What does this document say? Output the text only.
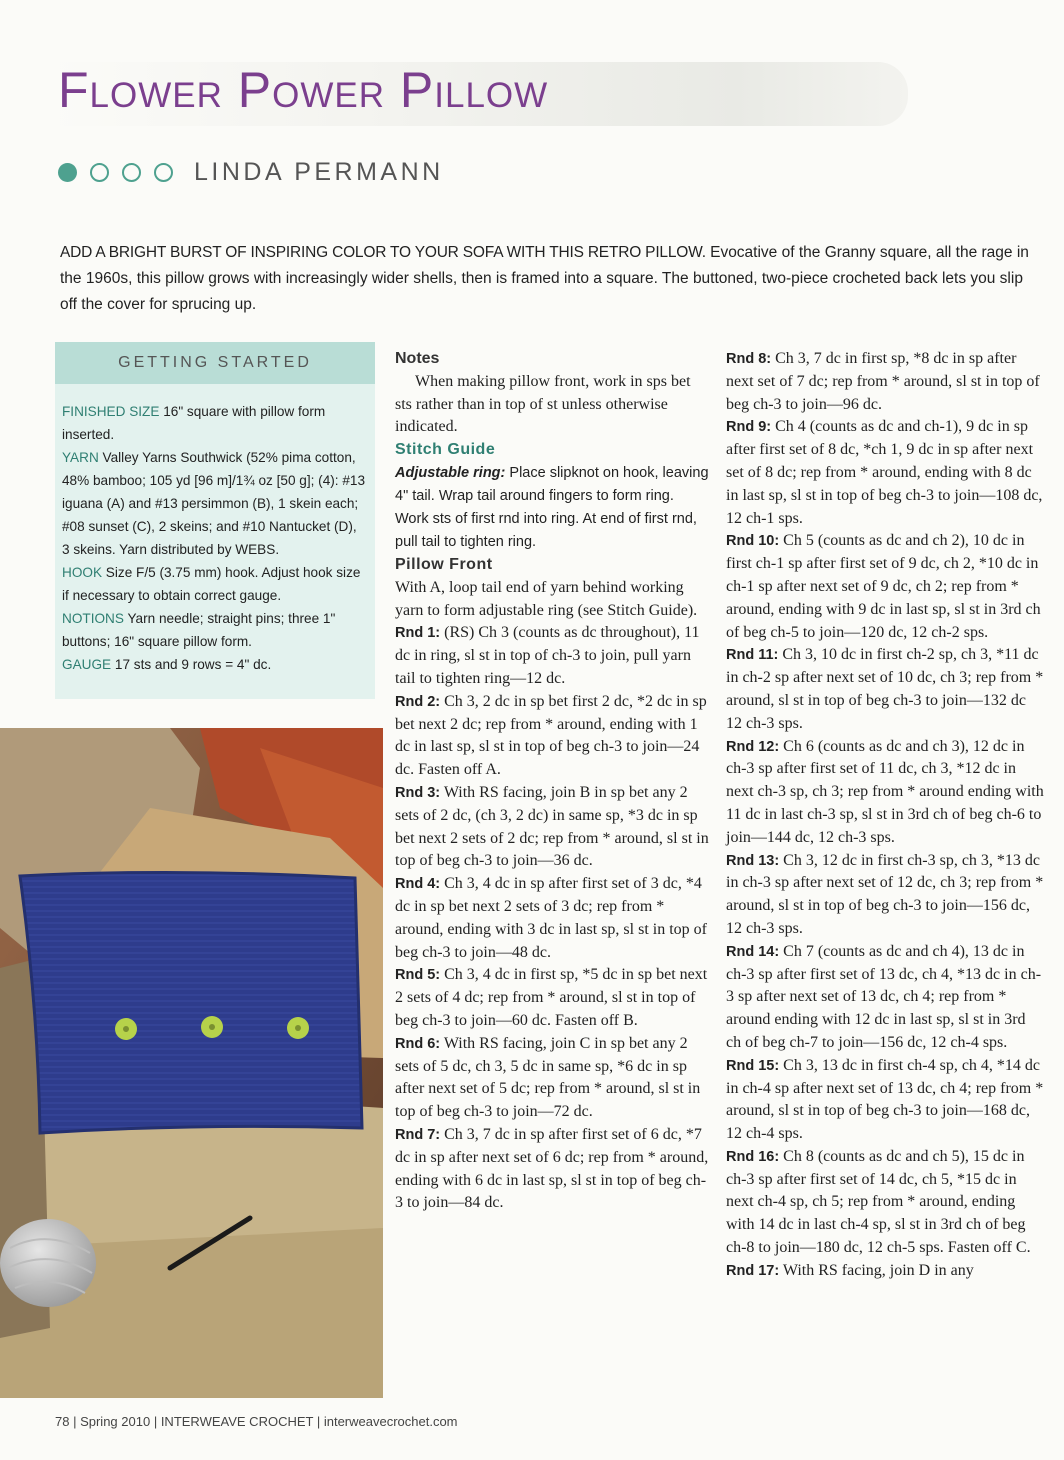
Flower Power Pillow
LINDA PERMANN

ADD A BRIGHT BURST OF INSPIRING COLOR TO YOUR SOFA WITH THIS RETRO PILLOW. Evocative of the Granny square, all the rage in the 1960s, this pillow grows with increasingly wider shells, then is framed into a square. The buttoned, two-piece crocheted back lets you slip off the cover for sprucing up.

GETTING STARTED

FINISHED SIZE 16" square with pillow form inserted.

YARN Valley Yarns Southwick (52% pima cotton, 48% bamboo; 105 yd [96 m]/1¾ oz [50 g]; (4): #13 iguana (A) and #13 persimmon (B), 1 skein each; #08 sunset (C), 2 skeins; and #10 Nantucket (D), 3 skeins. Yarn distributed by WEBS.

HOOK Size F/5 (3.75 mm) hook. Adjust hook size if necessary to obtain correct gauge.

NOTIONS Yarn needle; straight pins; three 1" buttons; 16" square pillow form.

GAUGE 17 sts and 9 rows = 4" dc.

Notes

When making pillow front, work in sps bet sts rather than in top of st unless otherwise indicated.

Stitch Guide

Adjustable ring: Place slipknot on hook, leaving 4" tail. Wrap tail around fingers to form ring. Work sts of first rnd into ring. At end of first rnd, pull tail to tighten ring.

Pillow Front

With A, loop tail end of yarn behind working yarn to form adjustable ring (see Stitch Guide).

Rnd 1: (RS) Ch 3 (counts as dc throughout), 11 dc in ring, sl st in top of ch-3 to join, pull yarn tail to tighten ring—12 dc.

Rnd 2: Ch 3, 2 dc in sp bet first 2 dc, *2 dc in sp bet next 2 dc; rep from * around, ending with 1 dc in last sp, sl st in top of beg ch-3 to join—24 dc. Fasten off A.

Rnd 3: With RS facing, join B in sp bet any 2 sets of 2 dc, (ch 3, 2 dc) in same sp, *3 dc in sp bet next 2 sets of 2 dc; rep from * around, sl st in top of beg ch-3 to join—36 dc.

Rnd 4: Ch 3, 4 dc in sp after first set of 3 dc, *4 dc in sp bet next 2 sets of 3 dc; rep from * around, ending with 3 dc in last sp, sl st in top of beg ch-3 to join—48 dc.

Rnd 5: Ch 3, 4 dc in first sp, *5 dc in sp bet next 2 sets of 4 dc; rep from * around, sl st in top of beg ch-3 to join—60 dc. Fasten off B.

Rnd 6: With RS facing, join C in sp bet any 2 sets of 5 dc, ch 3, 5 dc in same sp, *6 dc in sp after next set of 5 dc; rep from * around, sl st in top of beg ch-3 to join—72 dc.

Rnd 7: Ch 3, 7 dc in sp after first set of 6 dc, *7 dc in sp after next set of 6 dc; rep from * around, ending with 6 dc in last sp, sl st in top of beg ch-3 to join—84 dc.

Rnd 8: Ch 3, 7 dc in first sp, *8 dc in sp after next set of 7 dc; rep from * around, sl st in top of beg ch-3 to join—96 dc.

Rnd 9: Ch 4 (counts as dc and ch-1), 9 dc in sp after first set of 8 dc, *ch 1, 9 dc in sp after next set of 8 dc; rep from * around, ending with 8 dc in last sp, sl st in top of beg ch-3 to join—108 dc, 12 ch-1 sps.

Rnd 10: Ch 5 (counts as dc and ch 2), 10 dc in first ch-1 sp after first set of 9 dc, ch 2, *10 dc in ch-1 sp after next set of 9 dc, ch 2; rep from * around, ending with 9 dc in last sp, sl st in 3rd ch of beg ch-5 to join—120 dc, 12 ch-2 sps.

Rnd 11: Ch 3, 10 dc in first ch-2 sp, ch 3, *11 dc in ch-2 sp after next set of 10 dc, ch 3; rep from * around, sl st in top of beg ch-3 to join—132 dc 12 ch-3 sps.

Rnd 12: Ch 6 (counts as dc and ch 3), 12 dc in ch-3 sp after first set of 11 dc, ch 3, *12 dc in next ch-3 sp, ch 3; rep from * around ending with 11 dc in last ch-3 sp, sl st in 3rd ch of beg ch-6 to join—144 dc, 12 ch-3 sps.

Rnd 13: Ch 3, 12 dc in first ch-3 sp, ch 3, *13 dc in ch-3 sp after next set of 12 dc, ch 3; rep from * around, sl st in top of beg ch-3 to join—156 dc, 12 ch-3 sps.

Rnd 14: Ch 7 (counts as dc and ch 4), 13 dc in ch-3 sp after first set of 13 dc, ch 4, *13 dc in ch-3 sp after next set of 13 dc, ch 4; rep from * around ending with 12 dc in last sp, sl st in 3rd ch of beg ch-7 to join—156 dc, 12 ch-4 sps.

Rnd 15: Ch 3, 13 dc in first ch-4 sp, ch 4, *14 dc in ch-4 sp after next set of 13 dc, ch 4; rep from * around, sl st in top of beg ch-3 to join—168 dc, 12 ch-4 sps.

Rnd 16: Ch 8 (counts as dc and ch 5), 15 dc in ch-3 sp after first set of 14 dc, ch 5, *15 dc in next ch-4 sp, ch 5; rep from * around, ending with 14 dc in last ch-4 sp, sl st in 3rd ch of beg ch-8 to join—180 dc, 12 ch-5 sps. Fasten off C.

Rnd 17: With RS facing, join D in any

78 | Spring 2010 | INTERWEAVE CROCHET | interweavecrochet.com
